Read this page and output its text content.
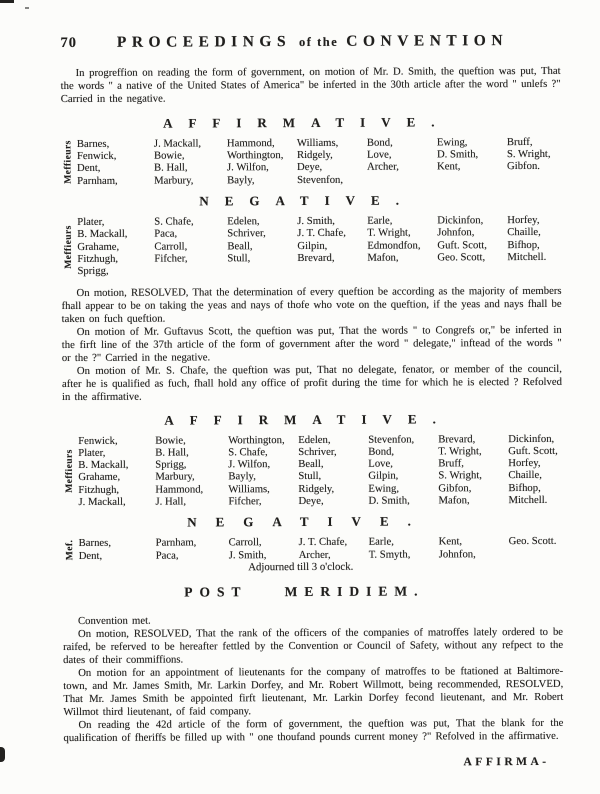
70	PROCEEDINGS of the CONVENTION

In progreffion on reading the form of government, on motion of Mr. D. Smith, the queftion was put, That the words " a native of the United States of America" be inferted in the 30th article after the word " unlefs ?" Carried in the negative.

AFFIRMATIVE.
Meffieurs Barnes,
Fenwick,
Dent,
Parnham,
J. Mackall,
Bowie,
B. Hall,
Marbury,
Hammond,
Worthington,
J. Wilfon,
Bayly,
Williams,
Ridgely,
Deye,
Stevenfon,
Bond,
Love,
Archer,
Ewing,
D. Smith,
Kent,
Bruff,
S. Wright,
Gibfon.
NEGATIVE.
Meffieurs
Plater,
B. Mackall,
Grahame,
Fitzhugh,
Sprigg,
S. Chafe,
Paca,
Carroll,
Fifcher,
Edelen,
Schriver,
Beall,
Stull,
J. Smith,
J. T. Chafe,
Gilpin,
Brevard,
Earle,
T. Wright,
Edmondfon,
Mafon,
Dickinfon,
Johnfon,
Guft. Scott,
Geo. Scott,
Horfey,
Chaille,
Bifhop,
Mitchell.

On motion, RESOLVED, That the determination of every queftion be according as the majority of members fhall appear to be on taking the yeas and nays of thofe who vote on the queftion, if the yeas and nays fhall be taken on fuch queftion.

On motion of Mr. Guftavus Scott, the queftion was put, That the words " to Congrefs or," be inferted in the firft line of the 37th article of the form of government after the word " delegate," inftead of the words " or the ?" Carried in the negative.

On motion of Mr. S. Chafe, the queftion was put, That no delegate, fenator, or member of the council, after he is qualified as fuch, fhall hold any office of profit during the time for which he is elected ? Refolved in the affirmative.

AFFIRMATIVE.
Meffieurs
Fenwick,
Plater,
B. Mackall,
Grahame,
Fitzhugh,
J. Mackall,
Bowie,
B. Hall,
Sprigg,
Marbury,
Hammond,
J. Hall,
Worthington,
S. Chafe,
J. Wilfon,
Bayly,
Williams,
Fifcher,
Edelen,
Schriver,
Beall,
Stull,
Ridgely,
Deye,
Stevenfon,
Bond,
Love,
Gilpin,
Ewing,
D. Smith,
Brevard,
T. Wright,
Bruff,
S. Wright,
Gibfon,
Mafon,
Dickinfon,
Guft. Scott,
Horfey,
Chaille,
Bifhop,
Mitchell.
NEGATIVE.
Mef. Barnes,
Dent,
Parnham,
Paca,
Carroll,
J. Smith,
J. T. Chafe,
Archer,
Earle,
T. Smyth,
Kent,
Johnfon,
Geo. Scott.

Adjourned till 3 o'clock.

POST MERIDIEM.

Convention met.

On motion, RESOLVED, That the rank of the officers of the companies of matroffes lately ordered to be raifed, be referved to be hereafter fettled by the Convention or Council of Safety, without any refpect to the dates of their commiffions.

On motion for an appointment of lieutenants for the company of matroffes to be ftationed at Baltimore-town, and Mr. James Smith, Mr. Larkin Dorfey, and Mr. Robert Willmott, being recommended, RESOLVED, That Mr. James Smith be appointed firft lieutenant, Mr. Larkin Dorfey fecond lieutenant, and Mr. Robert Willmot third lieutenant, of faid company.

On reading the 42d article of the form of government, the queftion was put, That the blank for the qualification of fheriffs be filled up with " one thoufand pounds current money ?" Refolved in the affirmative.

AFFIRMA-
